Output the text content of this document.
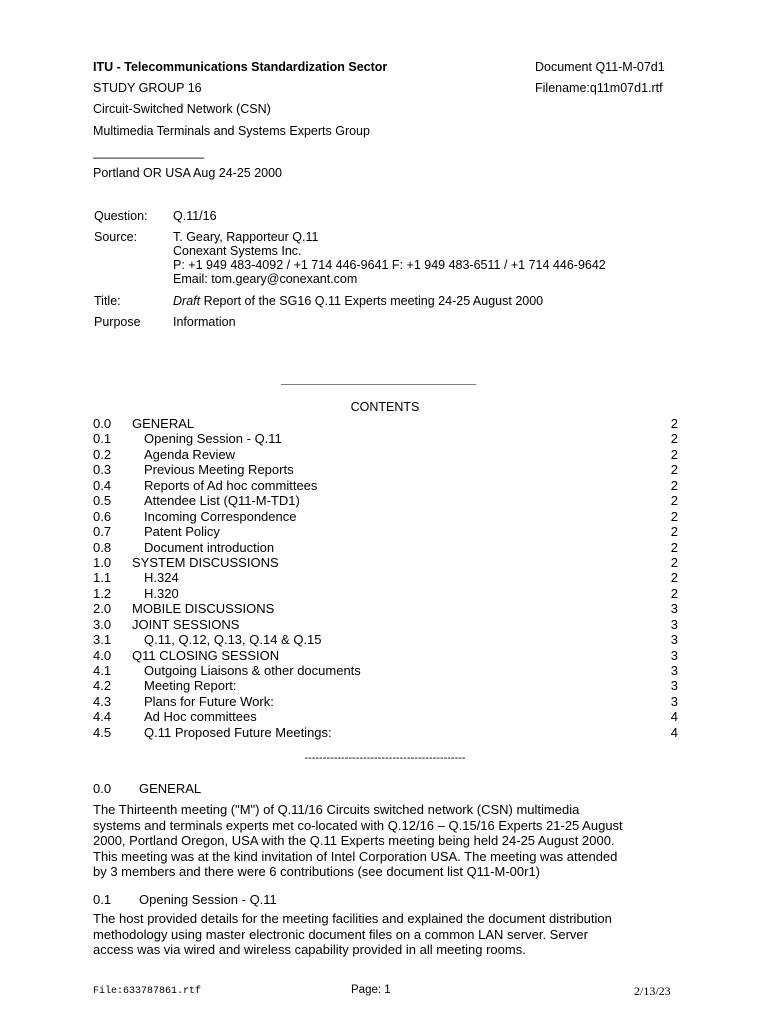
ITU - Telecommunications Standardization Sector	Document Q11-M-07d1
STUDY GROUP 16	Filename:q11m07d1.rtf
Circuit-Switched Network (CSN)
Multimedia Terminals and Systems Experts Group
________________
Portland OR USA Aug 24-25 2000
Question: Q.11/16
Source:	T. Geary, Rapporteur Q.11
Conexant Systems Inc.
P: +1 949 483-4092 / +1 714 446-9641 F: +1 949 483-6511 / +1 714 446-9642
Email: tom.geary@conexant.com
Title:	Draft Report of the SG16 Q.11 Experts meeting 24-25 August 2000
Purpose	Information
___________________________
CONTENTS
0.0 GENERAL	2
0.1	Opening Session - Q.11	2
0.2	Agenda Review	2
0.3	Previous Meeting Reports	2
0.4	Reports of Ad hoc committees	2
0.5	Attendee List (Q11-M-TD1)	2
0.6	Incoming Correspondence	2
0.7	Patent Policy	2
0.8	Document introduction	2
1.0 SYSTEM DISCUSSIONS	2
1.1	H.324	2
1.2	H.320	2
2.0 MOBILE DISCUSSIONS	3
3.0 JOINT SESSIONS	3
3.1	Q.11, Q.12, Q.13, Q.14 & Q.15	3
4.0 Q11 CLOSING SESSION	3
4.1	Outgoing Liaisons & other documents	3
4.2	Meeting Report:	3
4.3	Plans for Future Work:	3
4.4	Ad Hoc committees	4
4.5	Q.11 Proposed Future Meetings:	4
--------------------------------------------
0.0 GENERAL
The Thirteenth meeting ("M") of Q.11/16 Circuits switched network (CSN) multimedia
systems and terminals experts met co-located with Q.12/16 – Q.15/16 Experts 21-25 August
2000, Portland Oregon, USA with the Q.11 Experts meeting being held 24-25 August 2000.
This meeting was at the kind invitation of Intel Corporation USA. The meeting was attended
by 3 members and there were 6 contributions (see document list Q11-M-00r1)
0.1 Opening Session - Q.11
The host provided details for the meeting facilities and explained the document distribution
methodology using master electronic document files on a common LAN server. Server
access was via wired and wireless capability provided in all meeting rooms.
File:633787861.rtf	Page: 1	2/13/23
